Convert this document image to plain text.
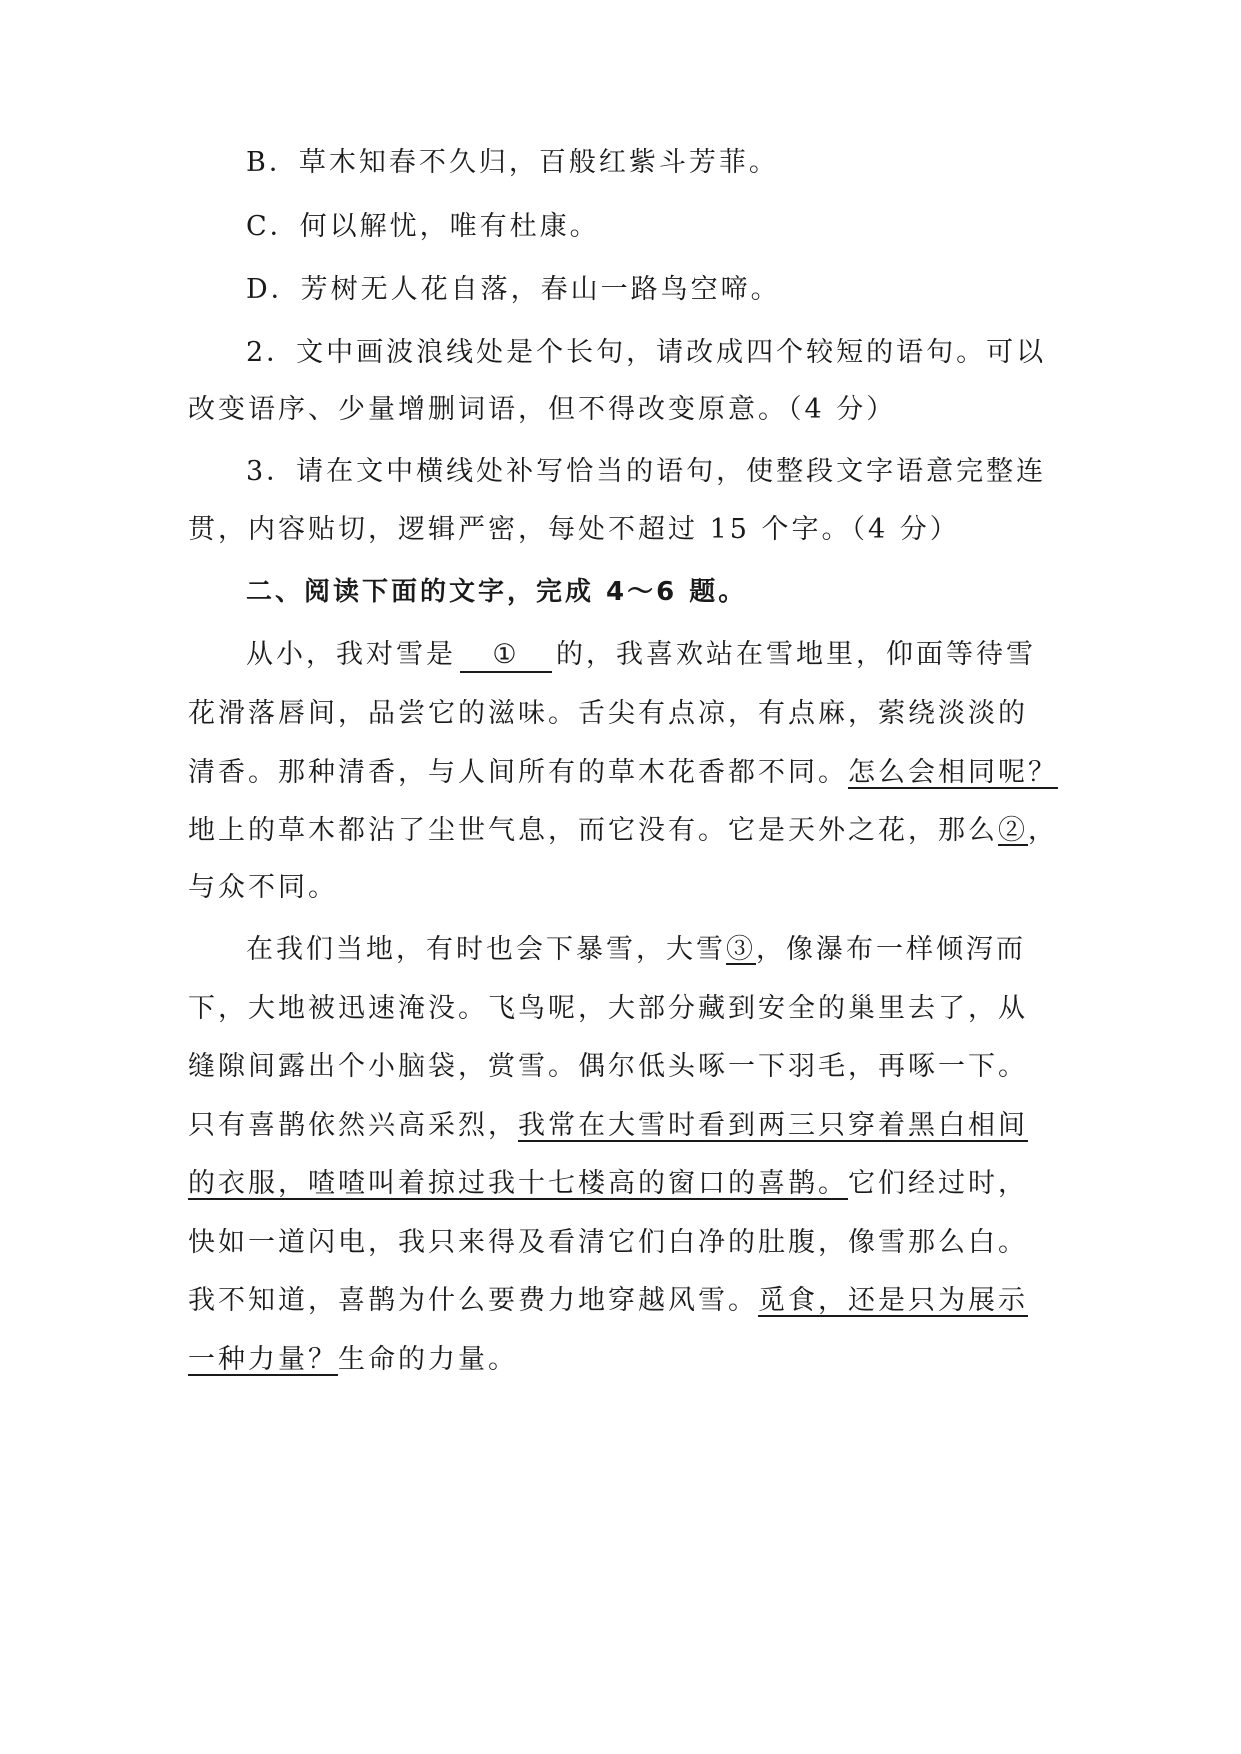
B．草木知春不久归，百般红紫斗芳菲。
C．何以解忧，唯有杜康。
D．芳树无人花自落，春山一路鸟空啼。
2．文中画波浪线处是个长句，请改成四个较短的语句。可以
改变语序、少量增删词语，但不得改变原意。（4 分）
3．请在文中横线处补写恰当的语句，使整段文字语意完整连
贯，内容贴切，逻辑严密，每处不超过 15 个字。（4 分）
二、阅读下面的文字，完成 4～6 题。
从小，我对雪是 ① 的，我喜欢站在雪地里，仰面等待雪
花滑落唇间，品尝它的滋味。舌尖有点凉，有点麻，萦绕淡淡的
清香。那种清香，与人间所有的草木花香都不同。怎么会相同呢？
地上的草木都沾了尘世气息，而它没有。它是天外之花，那么②，
与众不同。
在我们当地，有时也会下暴雪，大雪③，像瀑布一样倾泻而
下，大地被迅速淹没。飞鸟呢，大部分藏到安全的巢里去了，从
缝隙间露出个小脑袋，赏雪。偶尔低头啄一下羽毛，再啄一下。
只有喜鹊依然兴高采烈，我常在大雪时看到两三只穿着黑白相间
的衣服，喳喳叫着掠过我十七楼高的窗口的喜鹊。它们经过时，
快如一道闪电，我只来得及看清它们白净的肚腹，像雪那么白。
我不知道，喜鹊为什么要费力地穿越风雪。觅食，还是只为展示
一种力量？生命的力量。
